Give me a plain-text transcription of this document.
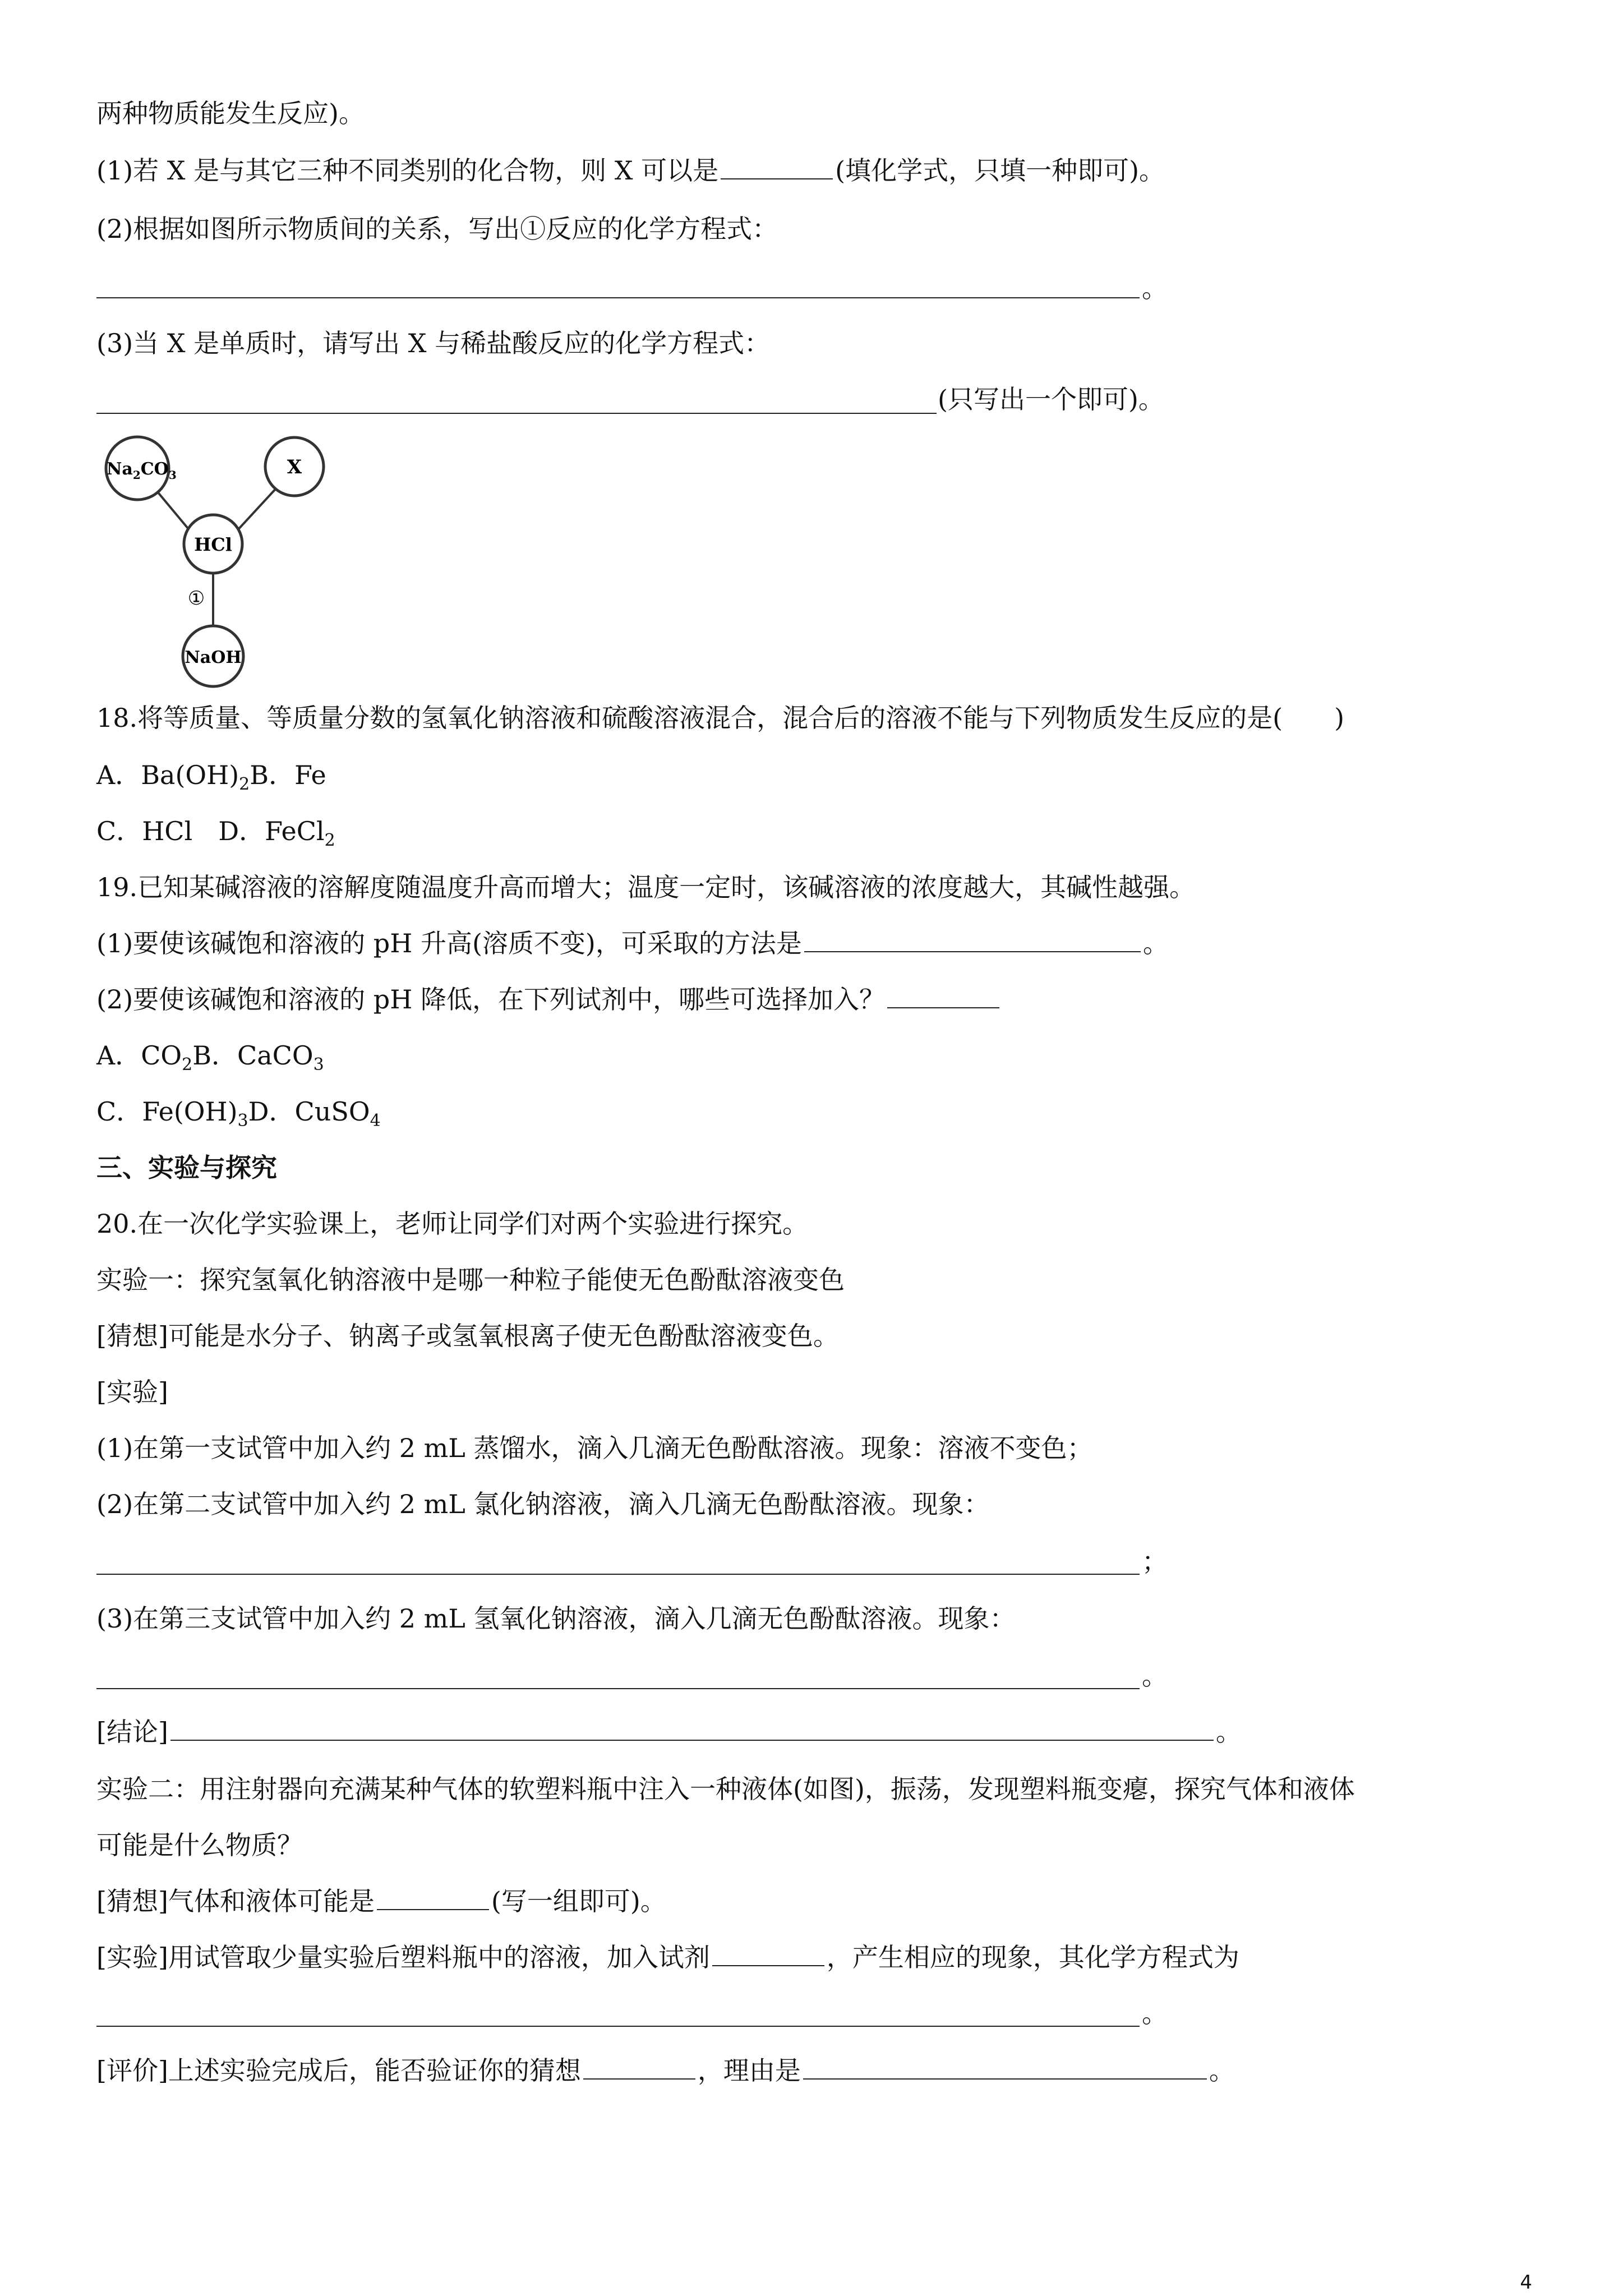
两种物质能发生反应)。
(1)若 X 是与其它三种不同类别的化合物，则 X 可以是	(填化学式，只填一种即可)。
(2)根据如图所示物质间的关系，写出①反应的化学方程式：
。
(3)当 X 是单质时，请写出 X 与稀盐酸反应的化学方程式：
(只写出一个即可)。
$Na_2CO_3$	X
HCl
NaOH
①
18.将等质量、等质量分数的氢氧化钠溶液和硫酸溶液混合，混合后的溶液不能与下列物质发生反应的是(　　)
A．$Ba(OH)_2B$．Fe
C．HCl　D．FeCl$_2$
19.已知某碱溶液的溶解度随温度升高而增大；温度一定时，该碱溶液的浓度越大，其碱性越强。
(1)要使该碱饱和溶液的 pH 升高(溶质不变)，可采取的方法是	。
(2)要使该碱饱和溶液的 pH 降低，在下列试剂中，哪些可选择加入？
A．$CO_2B$．CaCO$_3$
C．$Fe(OH)_3D$．CuSO$_4$
三、实验与探究
20.在一次化学实验课上，老师让同学们对两个实验进行探究。
实验一：探究氢氧化钠溶液中是哪一种粒子能使无色酚酞溶液变色
[猜想]可能是水分子、钠离子或氢氧根离子使无色酚酞溶液变色。
[实验]
(1)在第一支试管中加入约 2 mL 蒸馏水，滴入几滴无色酚酞溶液。现象：溶液不变色；
(2)在第二支试管中加入约 2 mL 氯化钠溶液，滴入几滴无色酚酞溶液。现象：
；
(3)在第三支试管中加入约 2 mL 氢氧化钠溶液，滴入几滴无色酚酞溶液。现象：
。
[结论]	。
实验二：用注射器向充满某种气体的软塑料瓶中注入一种液体(如图)，振荡，发现塑料瓶变瘪，探究气体和液体
可能是什么物质？
[猜想]气体和液体可能是	(写一组即可)。
[实验]用试管取少量实验后塑料瓶中的溶液，加入试剂	，产生相应的现象，其化学方程式为
。
[评价]上述实验完成后，能否验证你的猜想	，理由是	。
4
